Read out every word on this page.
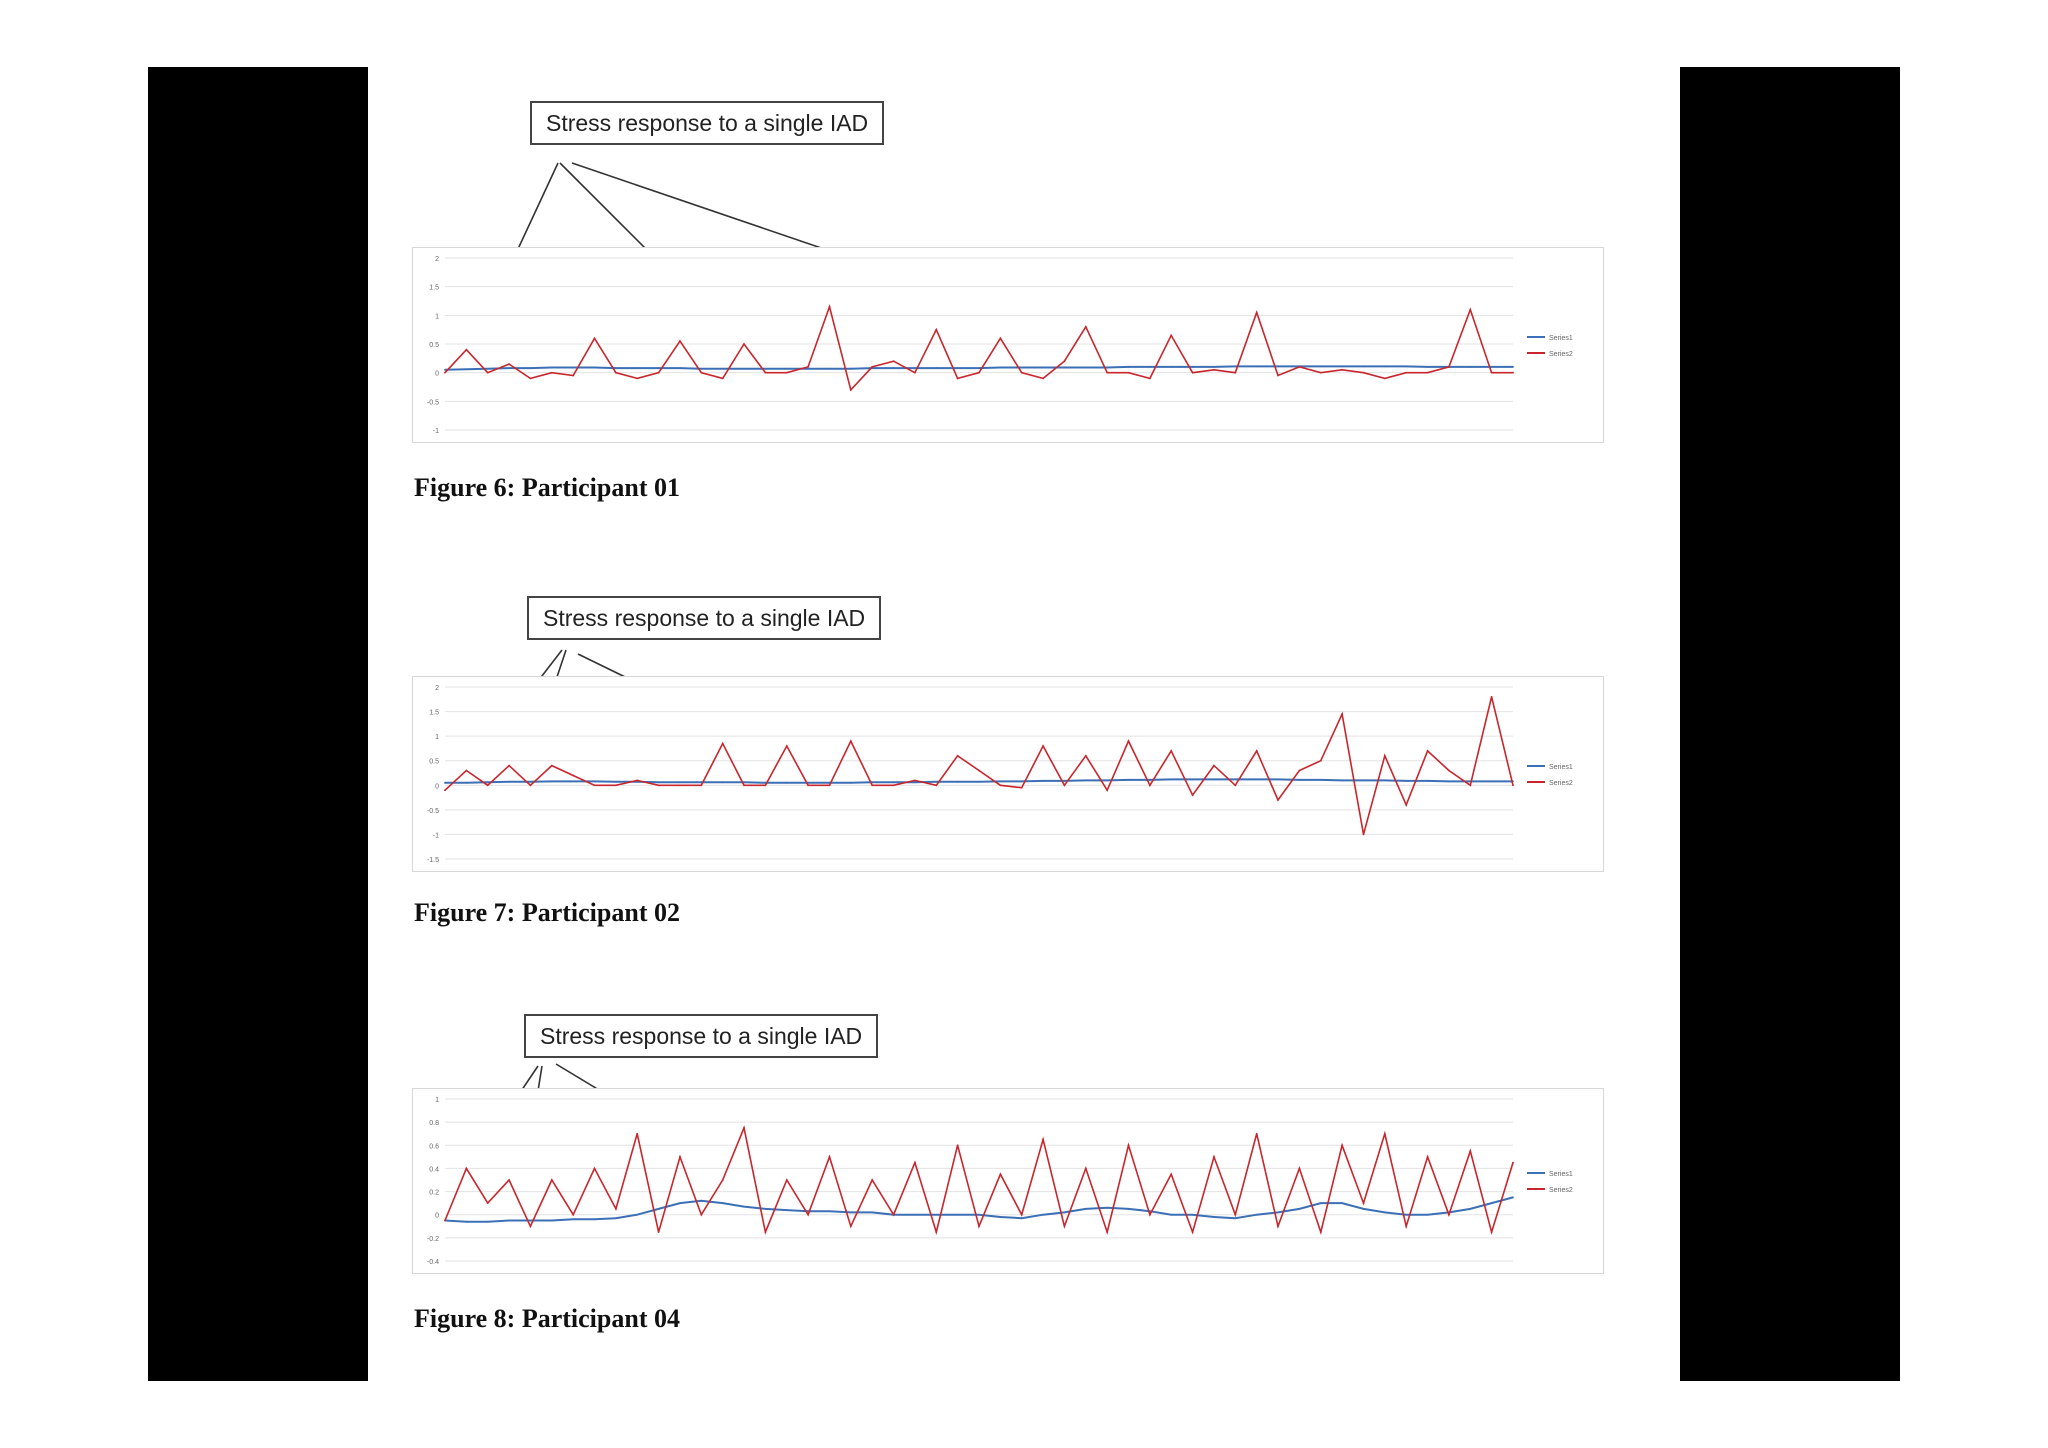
Stress response to a single IAD
2
1.5
1
0.5
0
-0.5
-1
Series1
Series2
Figure 6: Participant 01
Stress response to a single IAD
2
1.5
1
0.5
0
-0.5
-1
-1.5
Series1
Series2
Figure 7: Participant 02
Stress response to a single IAD
1
0.8
0.6
0.4
0.2
0
-0.2
-0.4
Series1
Series2
Figure 8: Participant 04
